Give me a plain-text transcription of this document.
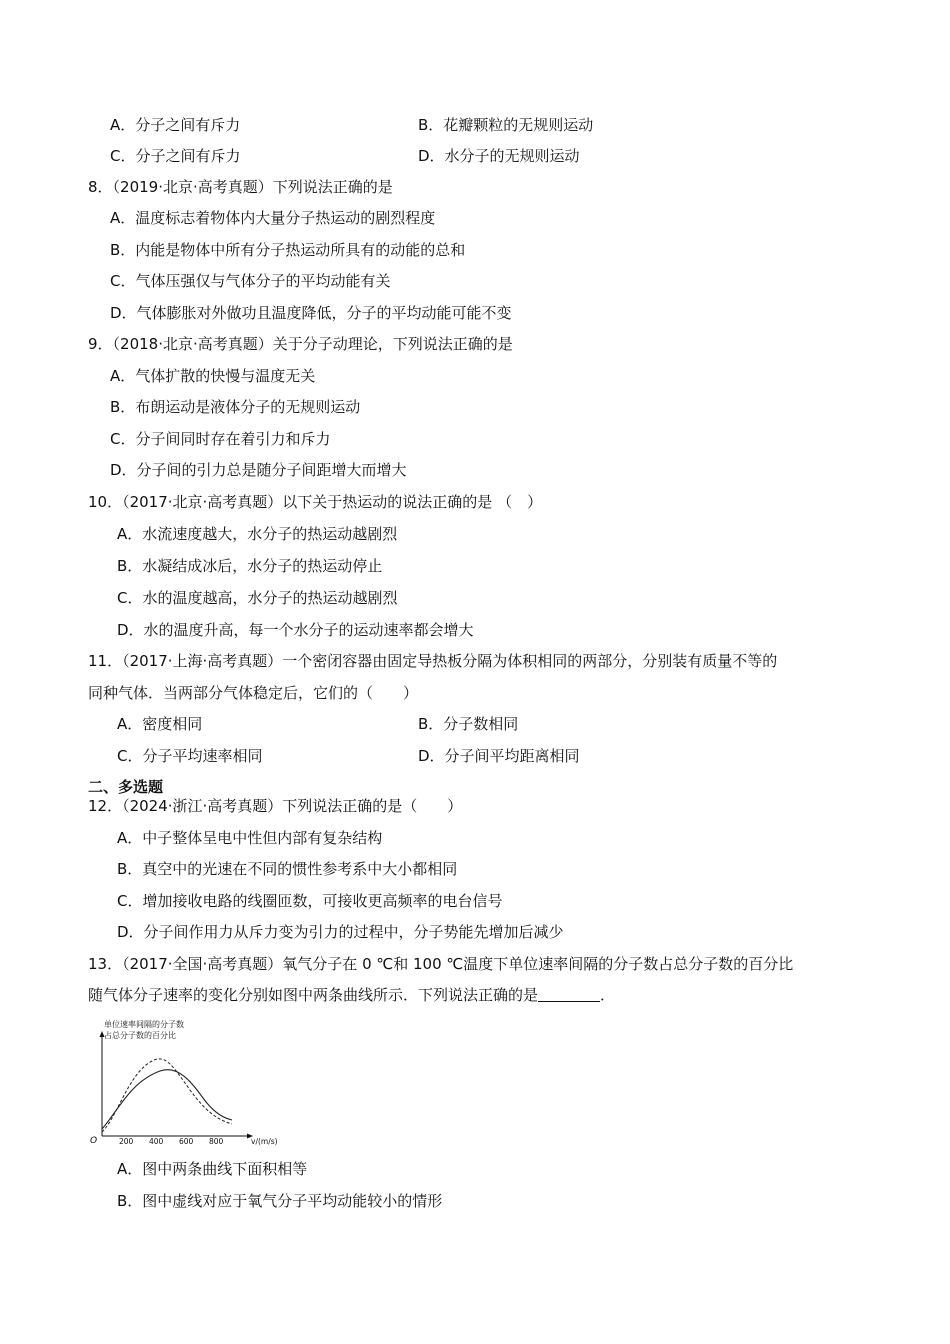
A．分子之间有斥力	B．花瓣颗粒的无规则运动
C．分子之间有斥力	D．水分子的无规则运动
8．（2019·北京·高考真题）下列说法正确的是
A．温度标志着物体内大量分子热运动的剧烈程度
B．内能是物体中所有分子热运动所具有的动能的总和
C．气体压强仅与气体分子的平均动能有关
D．气体膨胀对外做功且温度降低，分子的平均动能可能不变
9．（2018·北京·高考真题）关于分子动理论，下列说法正确的是
A．气体扩散的快慢与温度无关
B．布朗运动是液体分子的无规则运动
C．分子间同时存在着引力和斥力
D．分子间的引力总是随分子间距增大而增大
10．（2017·北京·高考真题）以下关于热运动的说法正确的是 （　）
A．水流速度越大，水分子的热运动越剧烈
B．水凝结成冰后，水分子的热运动停止
C．水的温度越高，水分子的热运动越剧烈
D．水的温度升高，每一个水分子的运动速率都会增大
11．（2017·上海·高考真题）一个密闭容器由固定导热板分隔为体积相同的两部分，分别装有质量不等的
同种气体．当两部分气体稳定后，它们的（　　）
A．密度相同	B．分子数相同
C．分子平均速率相同	D．分子间平均距离相同
二、多选题
12．（2024·浙江·高考真题）下列说法正确的是（　　）
A．中子整体呈电中性但内部有复杂结构
B．真空中的光速在不同的惯性参考系中大小都相同
C．增加接收电路的线圈匝数，可接收更高频率的电台信号
D．分子间作用力从斥力变为引力的过程中，分子势能先增加后减少
13．（2017·全国·高考真题）氧气分子在 0 ℃和 100 ℃温度下单位速率间隔的分子数占总分子数的百分比
随气体分子速率的变化分别如图中两条曲线所示．下列说法正确的是	．
单位速率间隔的分子数
占总分子数的百分比
O	200 400 600 800	v/(m/s)
A．图中两条曲线下面积相等
B．图中虚线对应于氧气分子平均动能较小的情形
